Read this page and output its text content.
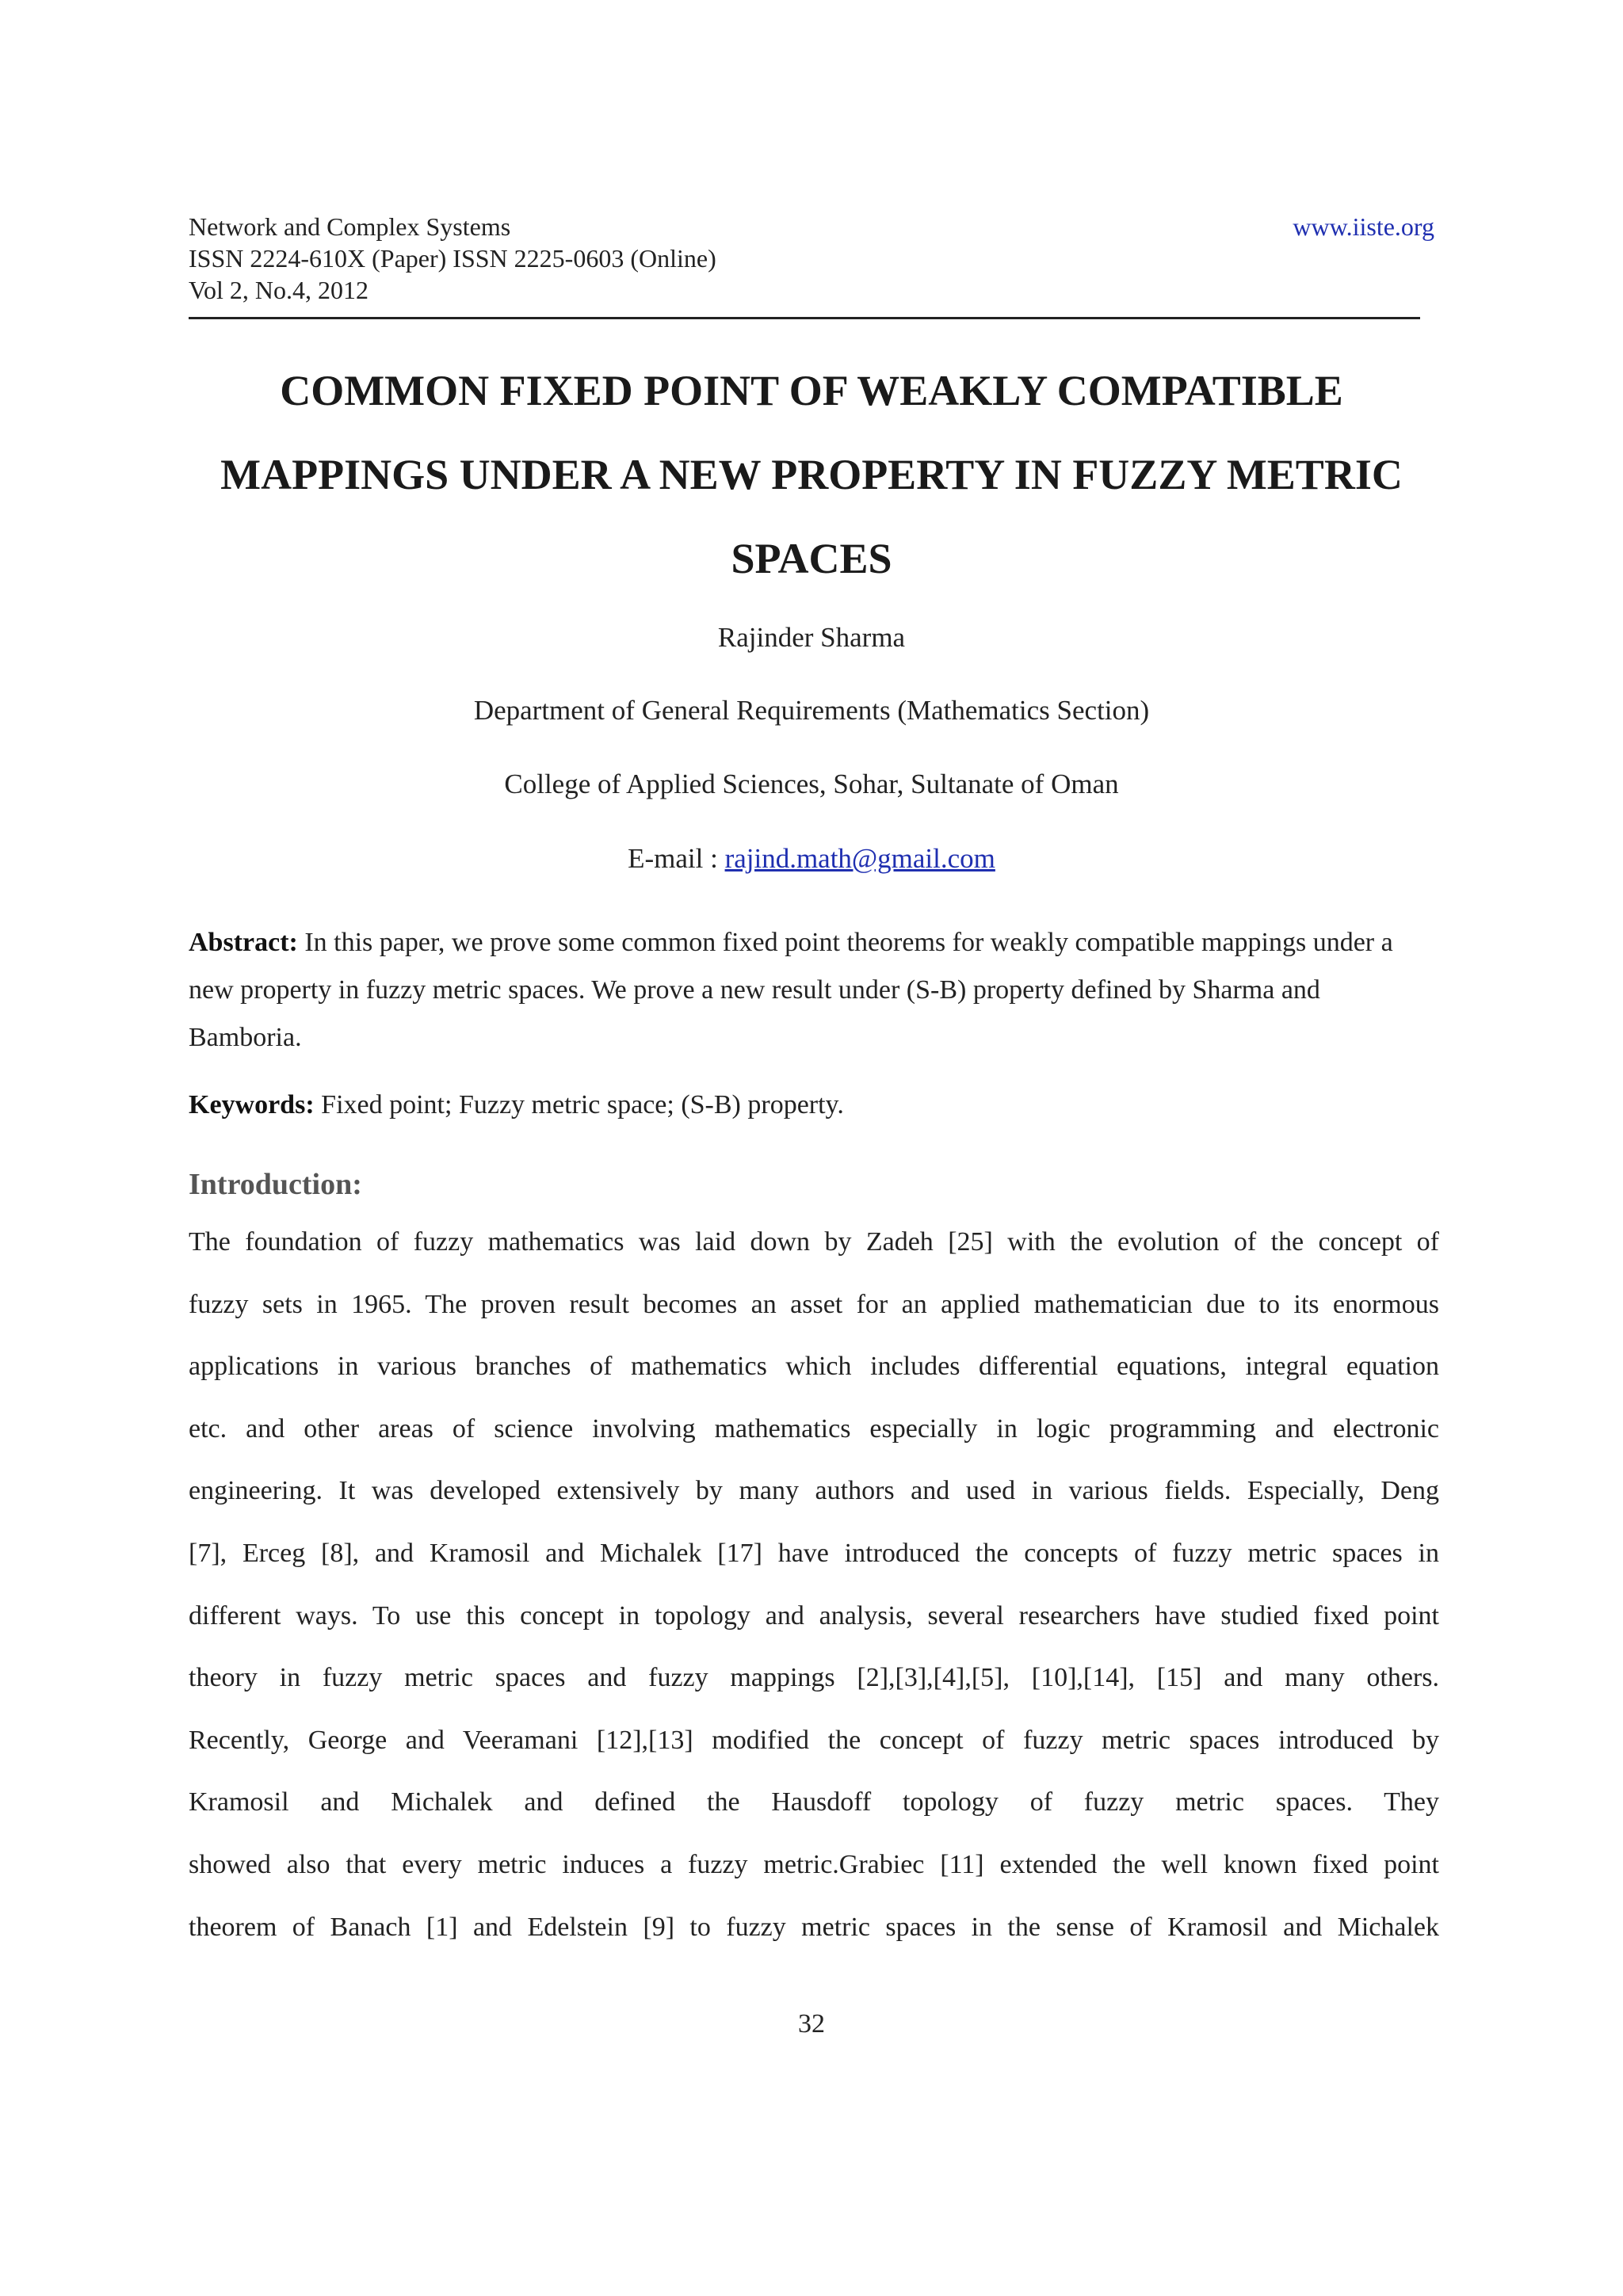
Network and Complex Systems	www.iiste.org
ISSN 2224-610X (Paper) ISSN 2225-0603 (Online)
Vol 2, No.4, 2012
COMMON FIXED POINT OF WEAKLY COMPATIBLE
MAPPINGS UNDER A NEW PROPERTY IN FUZZY METRIC
SPACES
Rajinder Sharma
Department of General Requirements (Mathematics Section)
College of Applied Sciences, Sohar, Sultanate of Oman
E-mail : rajind.math@gmail.com
Abstract: In this paper, we prove some common fixed point theorems for weakly compatible mappings under a new property in fuzzy metric spaces. We prove a new result under (S-B) property defined by Sharma and Bamboria.
Keywords: Fixed point; Fuzzy metric space; (S-B) property.
Introduction:
The foundation of fuzzy mathematics was laid down by Zadeh [25] with the evolution of the concept of
fuzzy sets in 1965. The proven result becomes an asset for an applied mathematician due to its enormous
applications in various branches of mathematics which includes differential equations, integral equation
etc. and other areas of science involving mathematics especially in logic programming and electronic
engineering. It was developed extensively by many authors and used in various fields. Especially, Deng
[7], Erceg [8], and Kramosil and Michalek [17] have introduced the concepts of fuzzy metric spaces in
different ways. To use this concept in topology and analysis, several researchers have studied fixed point
theory in fuzzy metric spaces and fuzzy mappings [2],[3],[4],[5], [10],[14], [15] and many others.
Recently, George and Veeramani [12],[13] modified the concept of fuzzy metric spaces introduced by
Kramosil and Michalek and defined the Hausdoff topology of fuzzy metric spaces. They
showed also that every metric induces a fuzzy metric.Grabiec [11] extended the well known fixed point
theorem of Banach [1] and Edelstein [9] to fuzzy metric spaces in the sense of Kramosil and Michalek
32
